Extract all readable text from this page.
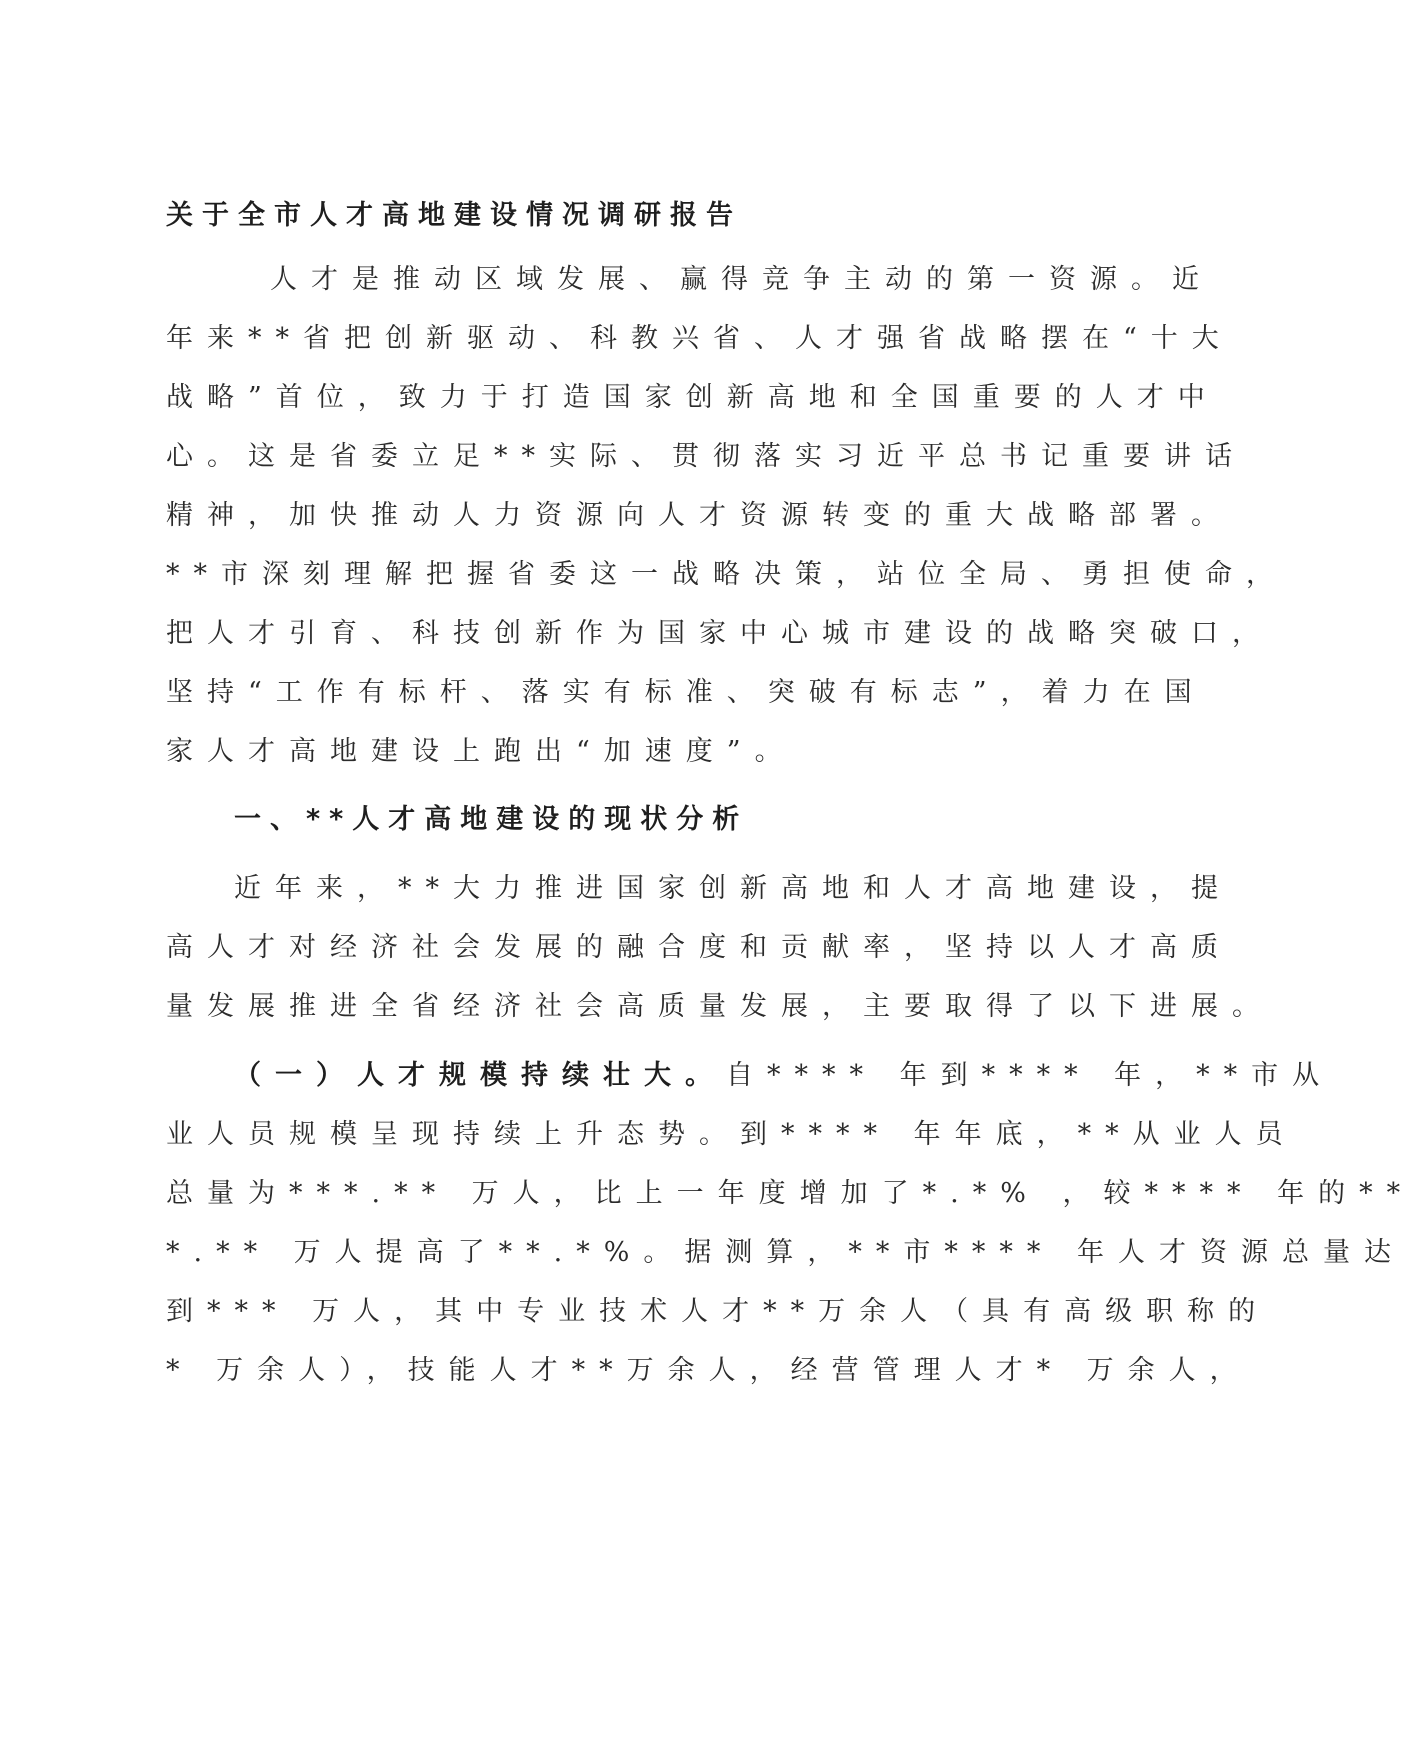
关于全市人才高地建设情况调研报告
人才是推动区域发展、赢得竞争主动的第一资源。近
年来**省把创新驱动、科教兴省、人才强省战略摆在“十大
战略”首位，致力于打造国家创新高地和全国重要的人才中
心。这是省委立足**实际、贯彻落实习近平总书记重要讲话
精神，加快推动人力资源向人才资源转变的重大战略部署。
**市深刻理解把握省委这一战略决策，站位全局、勇担使命，
把人才引育、科技创新作为国家中心城市建设的战略突破口，
坚持“工作有标杆、落实有标准、突破有标志”，着力在国
家人才高地建设上跑出“加速度”。
一、**人才高地建设的现状分析
近年来，**大力推进国家创新高地和人才高地建设，提
高人才对经济社会发展的融合度和贡献率，坚持以人才高质
量发展推进全省经济社会高质量发展，主要取得了以下进展。
（一）人才规模持续壮大。自**** 年到**** 年，**市从
业人员规模呈现持续上升态势。到**** 年年底，**从业人员
总量为***.** 万人，比上一年度增加了*.*% ，较**** 年的**
*.** 万人提高了**.*%。据测算，**市**** 年人才资源总量达
到*** 万人，其中专业技术人才**万余人（具有高级职称的
* 万余人），技能人才**万余人，经营管理人才* 万余人，
